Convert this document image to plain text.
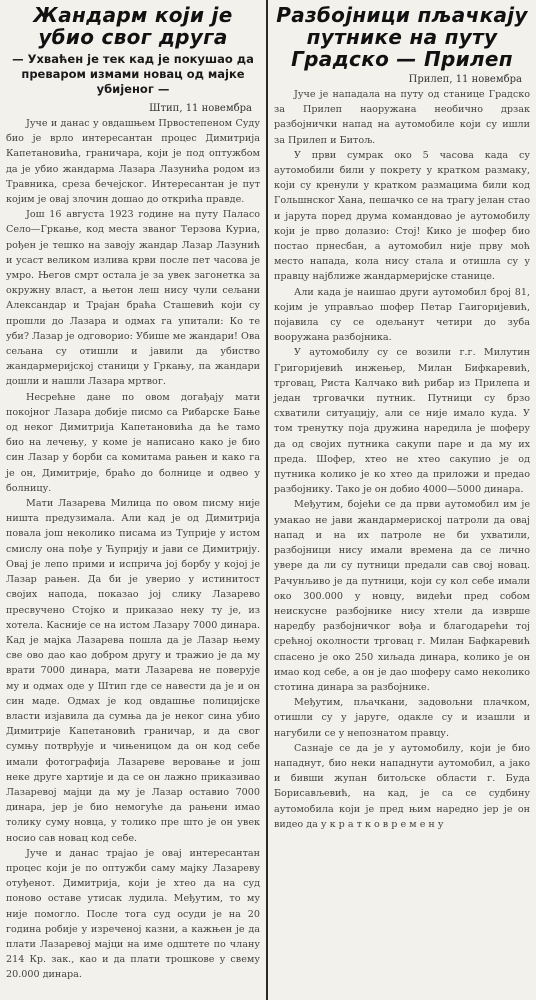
Жандарм који је убио свог друга
— Ухваћен је тек кад је покушао да преваром измами новац од мајке убијеног —
Штип, 11 новембра

Јуче и данас у овдашњем Првостепеном Суду био је врло интересантан процес Димитрија Капетановића, граничара, који је под оптужбом да је убио жандарма Лазара Лазунића родом из Травника, среза бечејског. Интересантан је пут којим је овај злочин дошао до открића правде.

Још 16 августа 1923 године на путу Паласо Село—Гркање, код места званог Терзова Куриа, рођен је тешко на завоју жандар Лазар Лазунић и усаст великом излива крви после пет часова је умро. Његов смрт остала је за увек загонетка за окружну власт, а њетон леш нису чули сељани Александар и Трајан браћа Сташевић који су прошли до Лазара и одмах га упитали: Ко те уби? Лазар је одговорио: Убише ме жандари! Ова сељана су отишли и јавили да убиство жандармеријској станици у Гркању, па жандари дошли и нашли Лазара мртвог.

Несрећне дане по овом догађају мати покојног Лазара добије писмо са Рибарске Бање од неког Димитрија Капетановића да ће тамо био на лечењу, у коме је написано како је био син Лазар у борби са комитама рањен и како га је он, Димитрије, браћо до болнице и одвео у болницу.

Мати Лазарева Милица по овом писму није ништа предузимала. Али кад је од Димитрија повала још неколико писама из Туприје у истом смислу она пође у Ћуприју и јави се Димитрију. Овај је лепо прими и исприча јој борбу у којој је Лазар рањен. Да би је уверио у истинитост својих напода, показао јој слику Лазарево пресвучено Стојко и приказао неку ту је, из хотела. Касније се на истом Лазару 7000 динара. Кад је мајка Лазарева пошла да је Лазар њему све ово дао као добром другу и тражио је да му врати 7000 динара, мати Лазарева не поверује му и одмах оде у Штип где се навести да је и он син маде. Одмах је код овдашње полицијске власти изјавила да сумња да је неког сина убио Димитрије Капетановић граничар, и да свог сумњу потврђује и чињеницом да он код себе имали фотографија Лазареве веровање и још неке друге хартије и да се он лажно приказивао Лазаревој мајци да му је Лазар оставио 7000 динара, јер је био немогуће да рањени имао толику суму новца, у толико пре што је он увек носио сав новац код себе.

Јуче и данас трајао је овај интересантан процес који је по оптужби саму мајку Лазареву отуђенот. Димитрија, који је хтео да на суд поново оставе утисак лудила. Међутим, то му није помогло. После тога суд осуди је на 20 година робије у изреченој казни, а кажњен је да плати Лазаревој мајци на име одштете по члану 214 Кр. зак., као и да плати трошкове у свему 20.000 динара.

Разбојници пљачкају путнике на путу Градско — Прилеп
Прилеп, 11 новембра

Јуче је нападала на путу од станице Градско за Прилеп наоружана необично дрзак разбојнички напад на аутомобиле који су ишли за Прилеп и Битољ.

У први сумрак око 5 часова када су аутомобили били у покрету у кратком размаку, који су кренули у кратком размацима били код Гольшнског Хана, пешачко се на трагу јелан стао и јарута поред друма командовао је аутомобилу који је прво долазио: Стој! Кико је шофер био постао прнесбан, а аутомобил није прву моћ место напада, кола нису стала и отишла су у правцу најближе жандармеријске станице.

Али када је наишао други аутомобил број 81, којим је управљао шофер Петар Гаигоријевић, појавила су се одељанут четири до зуба вооружана разбојника.

У аутомобилу су се возили г.г. Милутин Григоријевић инжењер, Милан Бифкаревић, трговац, Риста Калчако вић рибар из Прилепа и један трговачки путник. Путници су брзо схватили ситуацију, али се није имало куда. У том тренутку поја дружина наредила је шоферу да од својих путника сакупи паре и да му их преда. Шофер, хтео не хтео сакупио је од путника колико је ко хтео да приложи и предао разбојнику. Тако је он добио 4000—5000 динара.

Међутим, бојећи се да први аутомобил им је умакао не јави жандармериској патроли да овај напад и на их патроле не би ухватили, разбојници нису имали времена да се лично увере да ли су путници предали сав свој новац. Рачунљиво је да путници, који су кол себе имали око 300.000 у новцу, видећи пред собом неискусне разбојнике нису хтели да изврше наредбу разбојничког вођа и благодарећи тој срећној околности трговац г. Милан Бафкаревић спасено је око 250 хиљада динара, колико је он имао код себе, а он је дао шоферу само неколико стотина динара за разбојнике.

Међутим, пљачкани, задовољни плачком, отишли су у јаруге, одакле су и изашли и нагубили се у непознатом правцу.

Сазнаје се да је у аутомобилу, који је био нападнут, био неки нападнути аутомобил, а јако и бивши жупан битољске области г. Буда Борисављевић, на кад, је са се судбину аутомобила који је пред њим наредно јер је он видео да у к р а т к о в р е м е н у
